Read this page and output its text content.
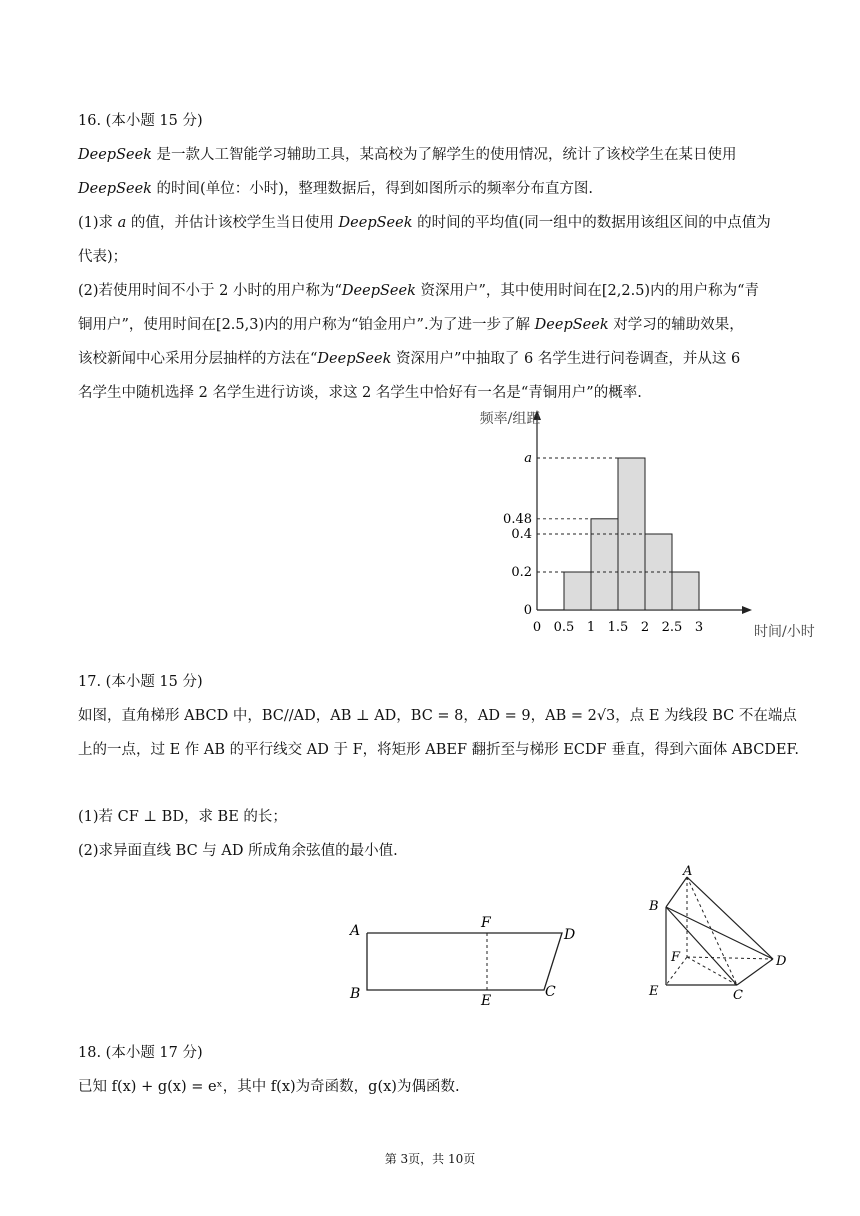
16. (本小题 15 分)
DeepSeek 是一款人工智能学习辅助工具，某高校为了解学生的使用情况，统计了该校学生在某日使用
DeepSeek 的时间(单位：小时)，整理数据后，得到如图所示的频率分布直方图.
(1)求 a 的值，并估计该校学生当日使用 DeepSeek 的时间的平均值(同一组中的数据用该组区间的中点值为
代表)；
(2)若使用时间不小于 2 小时的用户称为“DeepSeek 资深用户”，其中使用时间在[2,2.5)内的用户称为“青
铜用户”，使用时间在[2.5,3)内的用户称为“铂金用户”.为了进一步了解 DeepSeek 对学习的辅助效果，
该校新闻中心采用分层抽样的方法在“DeepSeek 资深用户”中抽取了 6 名学生进行问卷调查，并从这 6
名学生中随机选择 2 名学生进行访谈，求这 2 名学生中恰好有一名是“青铜用户”的概率.
0
0.2
0.4
0.48
a
0 0.5 1 1.5 2 2.5 3
频率/组距
时间/小时
17. (本小题 15 分)
如图，直角梯形 ABCD 中，BC//AD，AB ⊥ AD，BC = 8，AD = 9，AB = 2√3，点 E 为线段 BC 不在端点
上的一点，过 E 作 AB 的平行线交 AD 于 F，将矩形 ABEF 翻折至与梯形 ECDF 垂直，得到六面体 ABCDEF.
(1)若 CF ⊥ BD，求 BE 的长；
(2)求异面直线 BC 与 AD 所成角余弦值的最小值.
A
B
F
E
D
C
A
B
F
E	C
D
18. (本小题 17 分)
已知 f(x) + g(x) = eˣ，其中 f(x)为奇函数，g(x)为偶函数.
第 3页，共 10页
